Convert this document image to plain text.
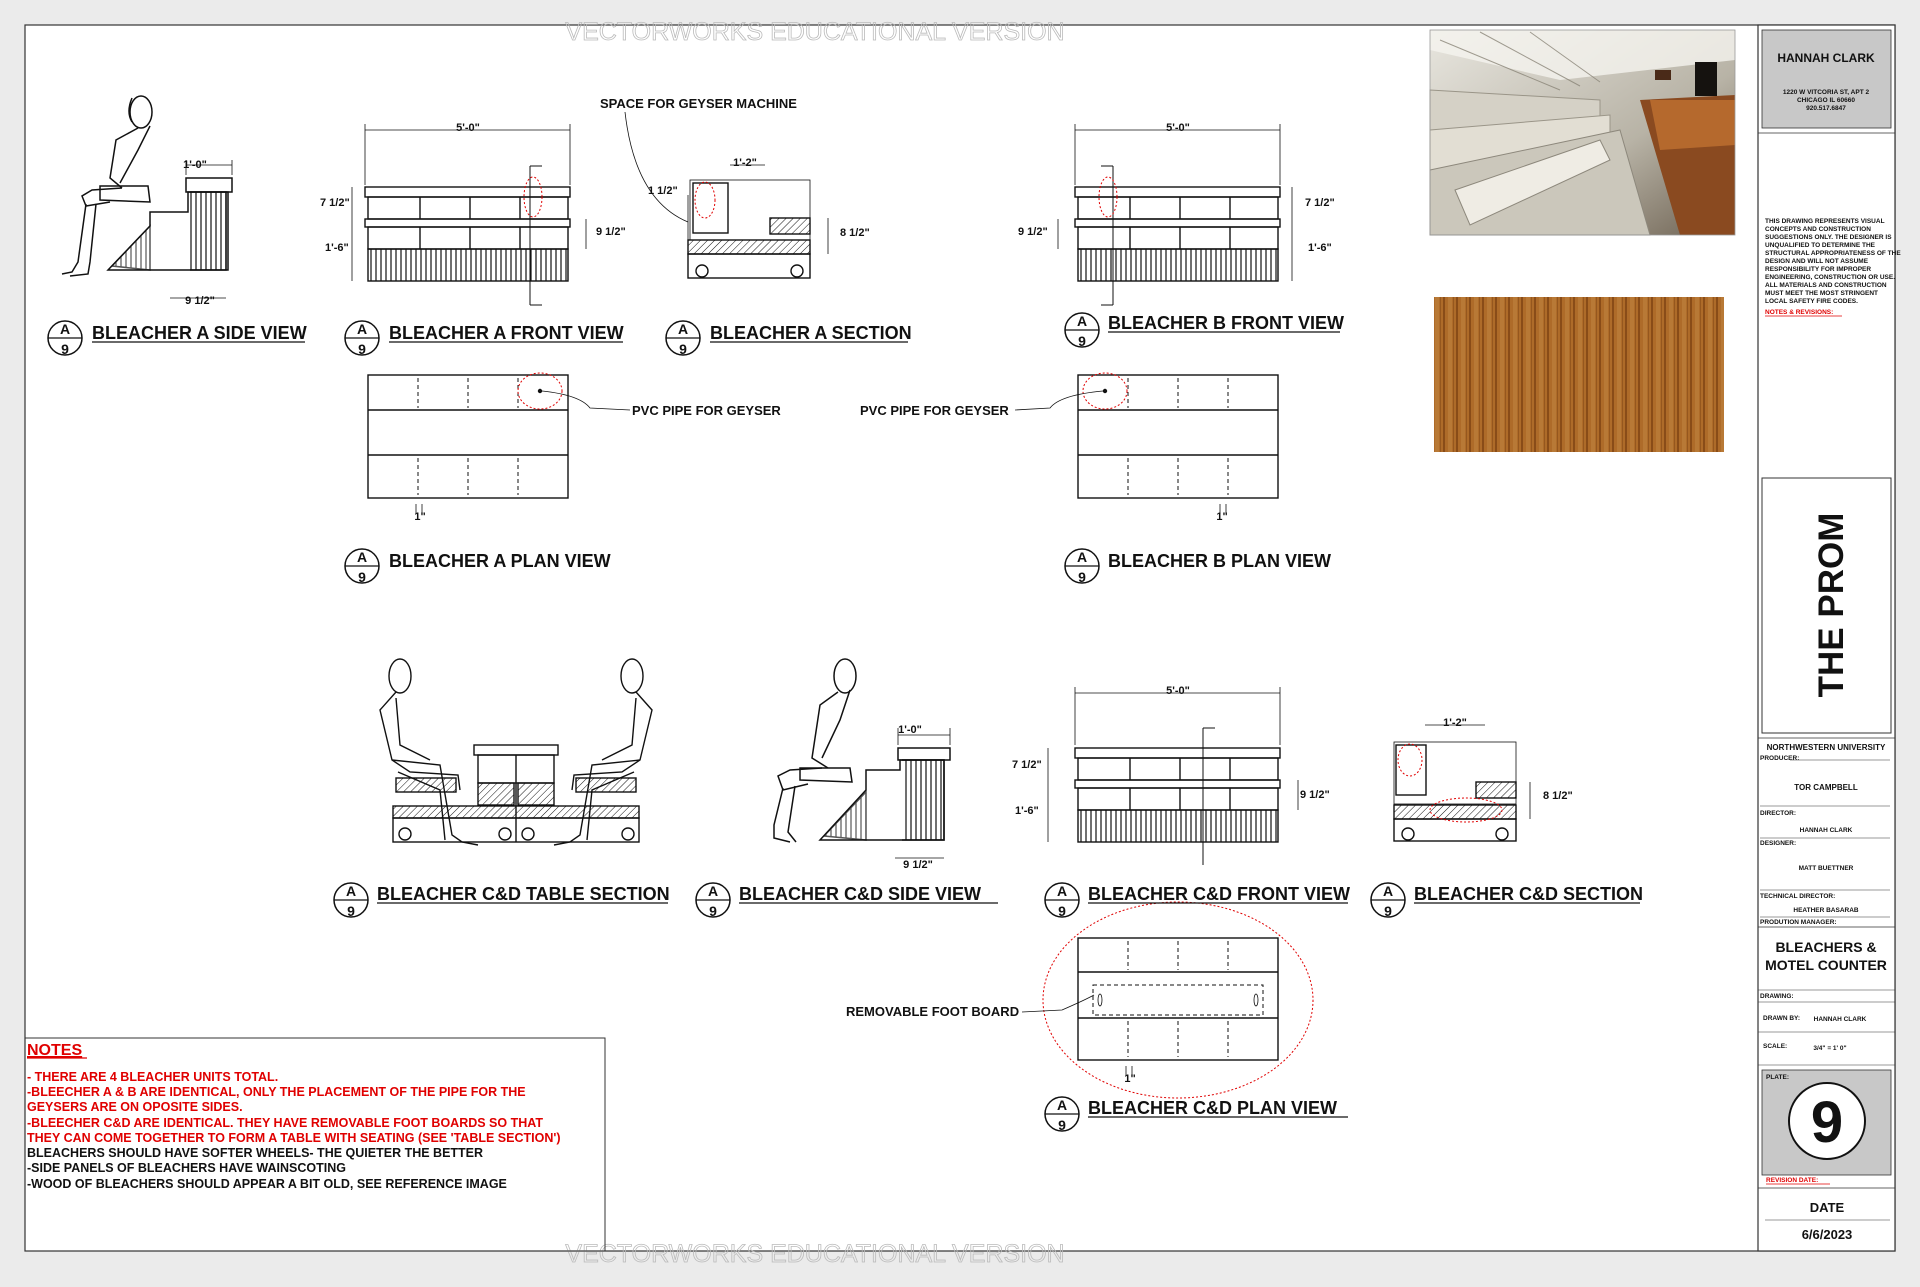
VECTORWORKS EDUCATIONAL VERSION
VECTORWORKS EDUCATIONAL VERSION
1'-0"
9 1/2"
5'-0"
7 1/2"
1'-6"
9 1/2"
SPACE FOR GEYSER MACHINE
1'-2"
1 1/2"
8 1/2"
5'-0"
7 1/2"
1'-6"
9 1/2"
PVC PIPE FOR GEYSER
1"
PVC PIPE FOR GEYSER
1"
1'-0"
9 1/2"
5'-0"
7 1/2"
1'-6"
9 1/2"
1'-2"
8 1/2"
REMOVABLE FOOT BOARD
1"
A
9
BLEACHER A SIDE VIEW	A
9
BLEACHER A FRONT VIEW	A
9
BLEACHER A SECTION
A
9
BLEACHER B FRONT VIEW
A
9
BLEACHER A PLAN VIEW	A
9
BLEACHER B PLAN VIEW
A
9
BLEACHER C&D TABLE SECTION	A
9
BLEACHER C&D SIDE VIEW	A
9
BLEACHER C&D FRONT VIEW A
9
BLEACHER C&D SECTION
A
9
BLEACHER C&D PLAN VIEW
NOTES
- THERE ARE 4 BLEACHER UNITS TOTAL.
-BLEECHER A & B ARE IDENTICAL, ONLY THE PLACEMENT OF THE PIPE FOR THE
GEYSERS ARE ON OPOSITE SIDES.
-BLEECHER C&D ARE IDENTICAL. THEY HAVE REMOVABLE FOOT BOARDS SO THAT
THEY CAN COME TOGETHER TO FORM A TABLE WITH SEATING (SEE 'TABLE SECTION')
BLEACHERS SHOULD HAVE SOFTER WHEELS- THE QUIETER THE BETTER
-SIDE PANELS OF BLEACHERS HAVE WAINSCOTING
-WOOD OF BLEACHERS SHOULD APPEAR A BIT OLD, SEE REFERENCE IMAGE
HANNAH CLARK
1220 W VITCORIA ST, APT 2
CHICAGO IL 60660
920.517.6847
THIS DRAWING REPRESENTS VISUAL
CONCEPTS AND CONSTRUCTION
SUGGESTIONS ONLY. THE DESIGNER IS
UNQUALIFIED TO DETERMINE THE
STRUCTURAL APPROPRIATENESS OF THE
DESIGN AND WILL NOT ASSUME
RESPONSIBILITY FOR IMPROPER
ENGINEERING, CONSTRUCTION OR USE.
ALL MATERIALS AND CONSTRUCTION
MUST MEET THE MOST STRINGENT
LOCAL SAFETY FIRE CODES.
NOTES & REVISIONS:
THE PROM
NORTHWESTERN UNIVERSITY
PRODUCER:
TOR CAMPBELL
DIRECTOR:
HANNAH CLARK
DESIGNER:
MATT BUETTNER
TECHNICAL DIRECTOR:
HEATHER BASARAB
PRODUTION MANAGER:
BLEACHERS &
MOTEL COUNTER
DRAWING:
DRAWN BY: HANNAH CLARK
SCALE:	3/4" = 1' 0"
PLATE:
9
REVISION DATE:
DATE
6/6/2023
